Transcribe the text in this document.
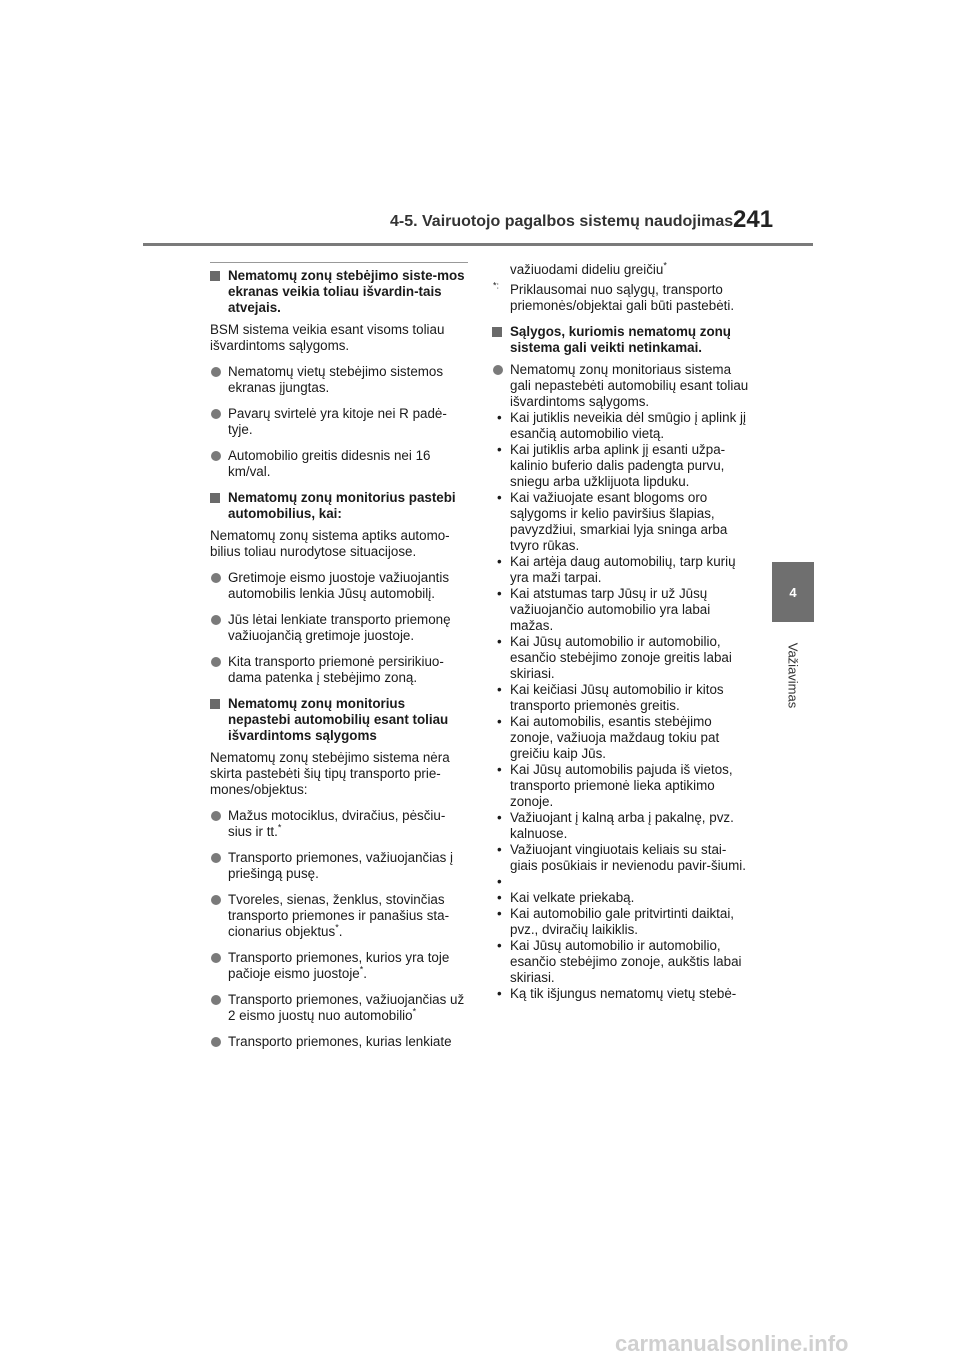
4-5. Vairuotojo pagalbos sistemų naudojimas 241
4
Važiavimas
Nematomų zonų stebėjimo siste-mos ekranas veikia toliau išvardin-tais atvejais.
BSM sistema veikia esant visoms toliau išvardintoms sąlygoms.
Nematomų vietų stebėjimo sistemos ekranas įjungtas.
Pavarų svirtelė yra kitoje nei R padė-tyje.
Automobilio greitis didesnis nei 16 km/val.
Nematomų zonų monitorius pastebi automobilius, kai:
Nematomų zonų sistema aptiks automo-bilius toliau nurodytose situacijose.
Gretimoje eismo juostoje važiuojantis automobilis lenkia Jūsų automobilį.
Jūs lėtai lenkiate transporto priemonę važiuojančią gretimoje juostoje.
Kita transporto priemonė persirikiuo-dama patenka į stebėjimo zoną.
Nematomų zonų monitorius nepastebi automobilių esant toliau išvardintoms sąlygoms
Nematomų zonų stebėjimo sistema nėra skirta pastebėti šių tipų transporto prie-mones/objektus:
Mažus motociklus, dviračius, pėsčiu-sius ir tt.*
Transporto priemones, važiuojančias į priešingą pusę.
Tvoreles, sienas, ženklus, stovinčias transporto priemones ir panašius sta-cionarius objektus*.
Transporto priemones, kurios yra toje pačioje eismo juostoje*.
Transporto priemones, važiuojančias už 2 eismo juostų nuo automobilio*
Transporto priemones, kurias lenkiate
važiuodami dideliu greičiu*
*: Priklausomai nuo sąlygų, transporto priemonės/objektai gali būti pastebėti.
Sąlygos, kuriomis nematomų zonų sistema gali veikti netinkamai.
Nematomų zonų monitoriaus sistema gali nepastebėti automobilių esant toliau išvardintoms sąlygoms.
• Kai jutiklis neveikia dėl smūgio į aplink jį esančią automobilio vietą.
• Kai jutiklis arba aplink jį esanti užpa-kalinio buferio dalis padengta purvu, sniegu arba užklijuota lipduku.
• Kai važiuojate esant blogoms oro sąlygoms ir kelio paviršius šlapias, pavyzdžiui, smarkiai lyja sninga arba tvyro rūkas.
• Kai artėja daug automobilių, tarp kurių yra maži tarpai.
• Kai atstumas tarp Jūsų ir už Jūsų važiuojančio automobilio yra labai mažas.
• Kai Jūsų automobilio ir automobilio, esančio stebėjimo zonoje greitis labai skiriasi.
• Kai keičiasi Jūsų automobilio ir kitos transporto priemonės greitis.
• Kai automobilis, esantis stebėjimo zonoje, važiuoja maždaug tokiu pat greičiu kaip Jūs.
• Kai Jūsų automobilis pajuda iš vietos, transporto priemonė lieka aptikimo zonoje.
• Važiuojant į kalną arba į pakalnę, pvz. kalnuose.
• Važiuojant vingiuotais keliais su stai-giais posūkiais ir nevienodu pavir-šiumi.
•
• Kai velkate priekabą.
• Kai automobilio gale pritvirtinti daiktai, pvz., dviračių laikiklis.
• Kai Jūsų automobilio ir automobilio, esančio stebėjimo zonoje, aukštis labai skiriasi.
• Ką tik išjungus nematomų vietų stebė-
carmanualsonline.info
